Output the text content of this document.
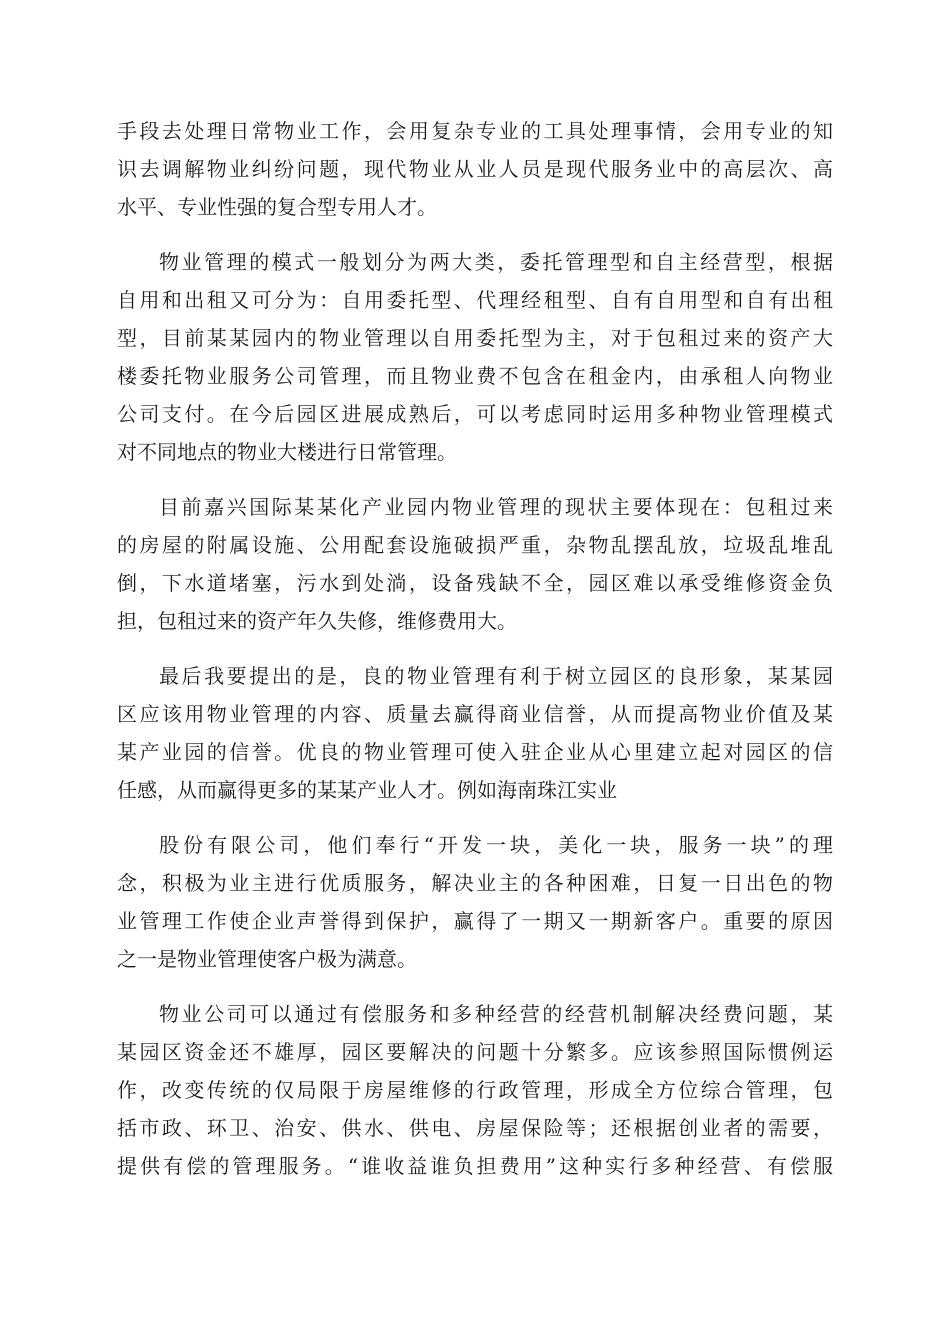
手段去处理日常物业工作，会用复杂专业的工具处理事情，会用专业的知
识去调解物业纠纷问题，现代物业从业人员是现代服务业中的高层次、高
水平、专业性强的复合型专用人才。
物业管理的模式一般划分为两大类，委托管理型和自主经营型，根据
自用和出租又可分为：自用委托型、代理经租型、自有自用型和自有出租
型，目前某某园内的物业管理以自用委托型为主，对于包租过来的资产大
楼委托物业服务公司管理，而且物业费不包含在租金内，由承租人向物业
公司支付。在今后园区进展成熟后，可以考虑同时运用多种物业管理模式
对不同地点的物业大楼进行日常管理。
目前嘉兴国际某某化产业园内物业管理的现状主要体现在：包租过来
的房屋的附属设施、公用配套设施破损严重，杂物乱摆乱放，垃圾乱堆乱
倒，下水道堵塞，污水到处淌，设备残缺不全，园区难以承受维修资金负
担，包租过来的资产年久失修，维修费用大。
最后我要提出的是，良的物业管理有利于树立园区的良形象，某某园
区应该用物业管理的内容、质量去赢得商业信誉，从而提高物业价值及某
某产业园的信誉。优良的物业管理可使入驻企业从心里建立起对园区的信
任感，从而赢得更多的某某产业人才。例如海南珠江实业
股份有限公司，他们奉行“开发一块，美化一块，服务一块”的理
念，积极为业主进行优质服务，解决业主的各种困难，日复一日出色的物
业管理工作使企业声誉得到保护，赢得了一期又一期新客户。重要的原因
之一是物业管理使客户极为满意。
物业公司可以通过有偿服务和多种经营的经营机制解决经费问题，某
某园区资金还不雄厚，园区要解决的问题十分繁多。应该参照国际惯例运
作，改变传统的仅局限于房屋维修的行政管理，形成全方位综合管理，包
括市政、环卫、治安、供水、供电、房屋保险等；还根据创业者的需要，
提供有偿的管理服务。“谁收益谁负担费用”这种实行多种经营、有偿服
